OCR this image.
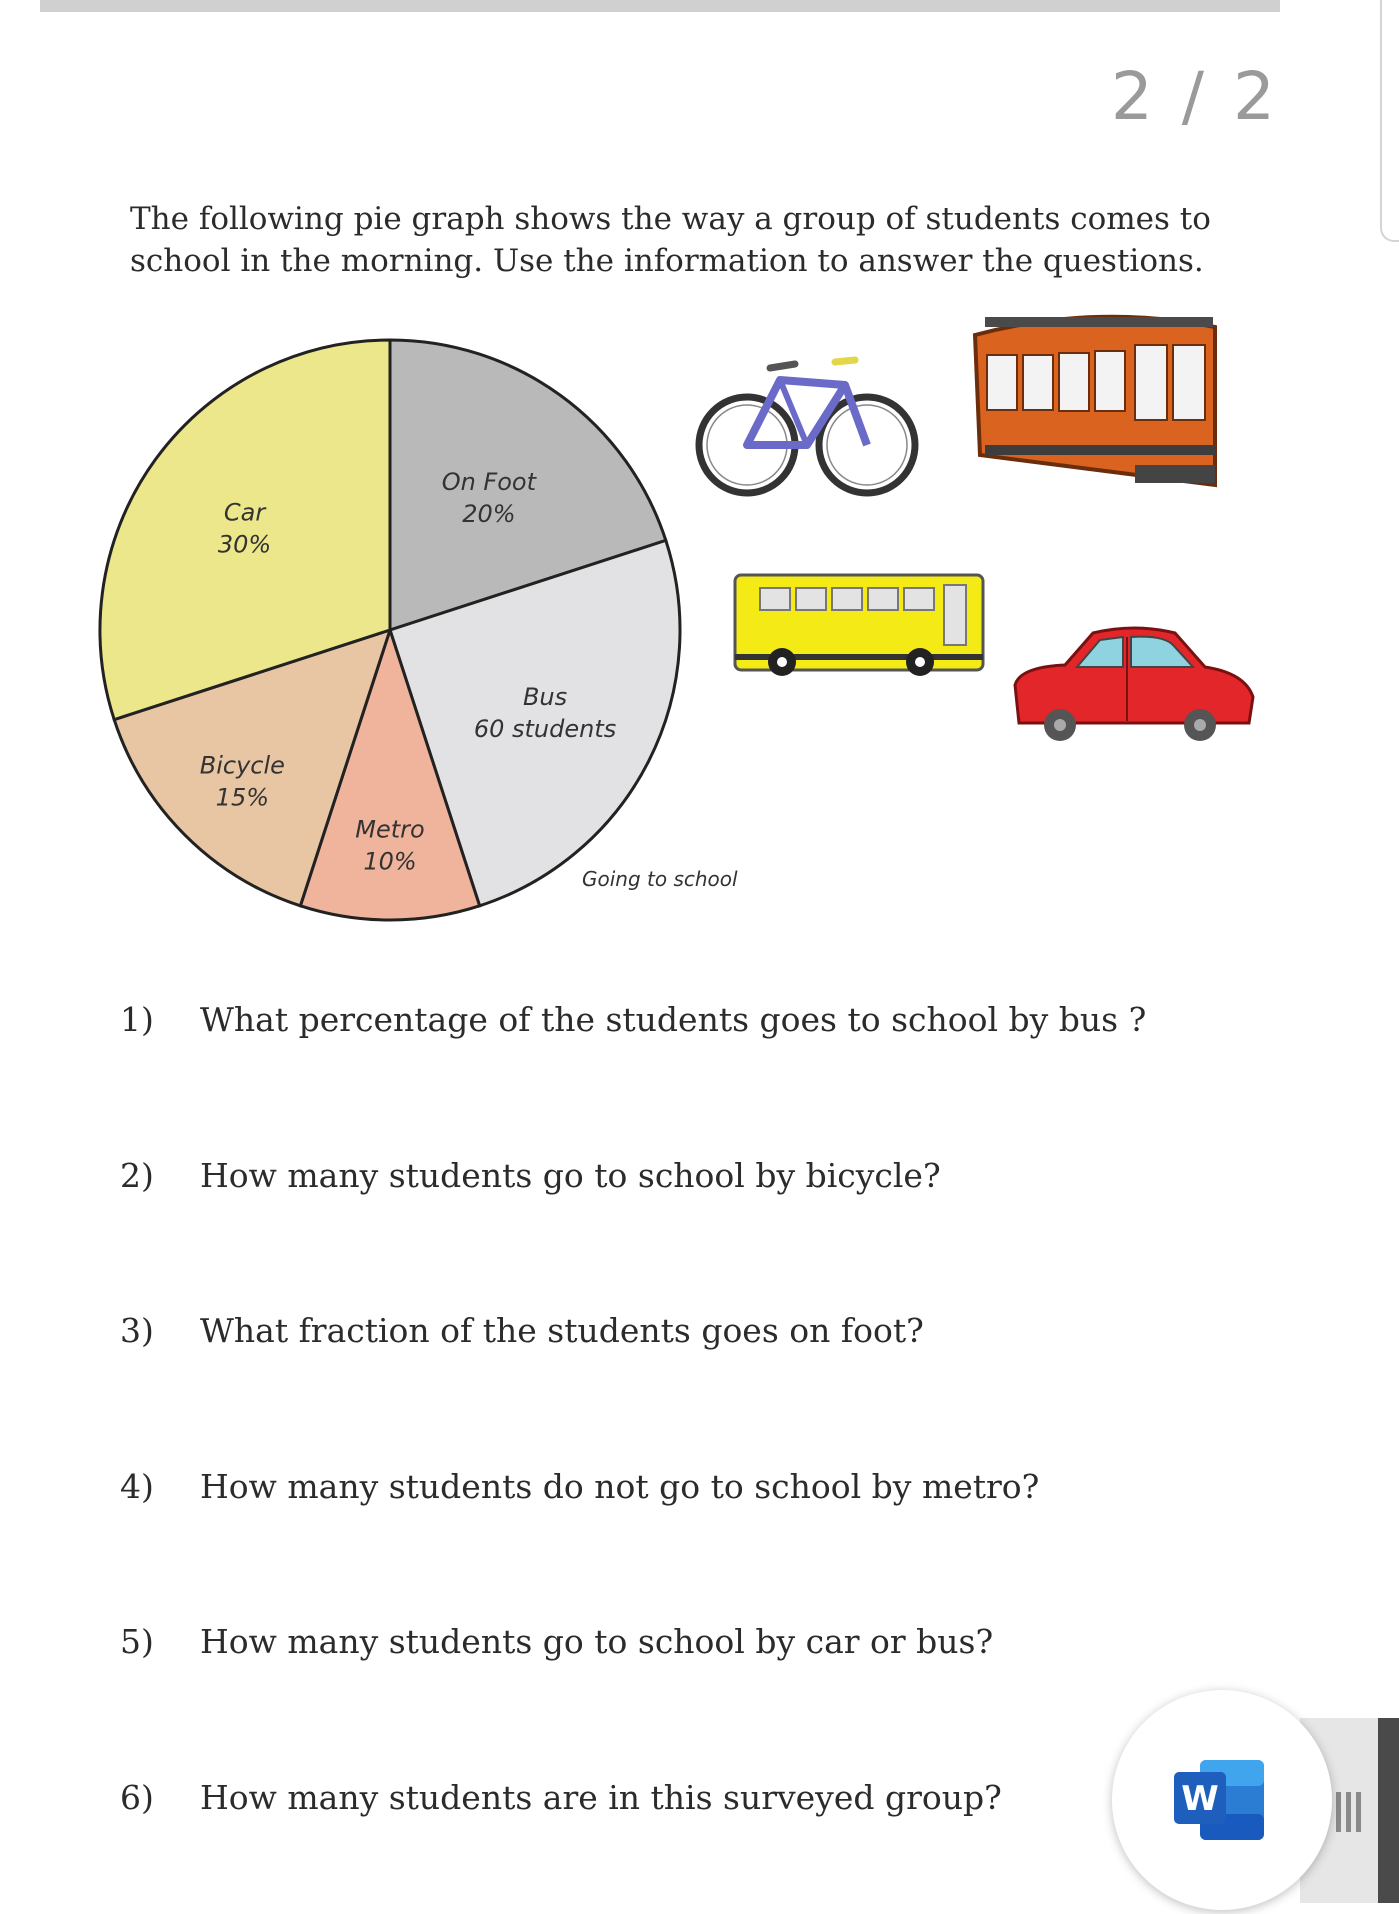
2 / 2

The following pie graph shows the way a group of students comes to school in the morning. Use the information to answer the questions.

On Foot
20%
Bus
60 students
Metro
10%
Bicycle
15%
Car
30%
Going to school
1) What percentage of the students goes to school by bus ?
2) How many students go to school by bicycle?
3) What fraction of the students goes on foot?
4) How many students do not go to school by metro?
5) How many students go to school by car or bus?
6) How many students are in this surveyed group?	W
